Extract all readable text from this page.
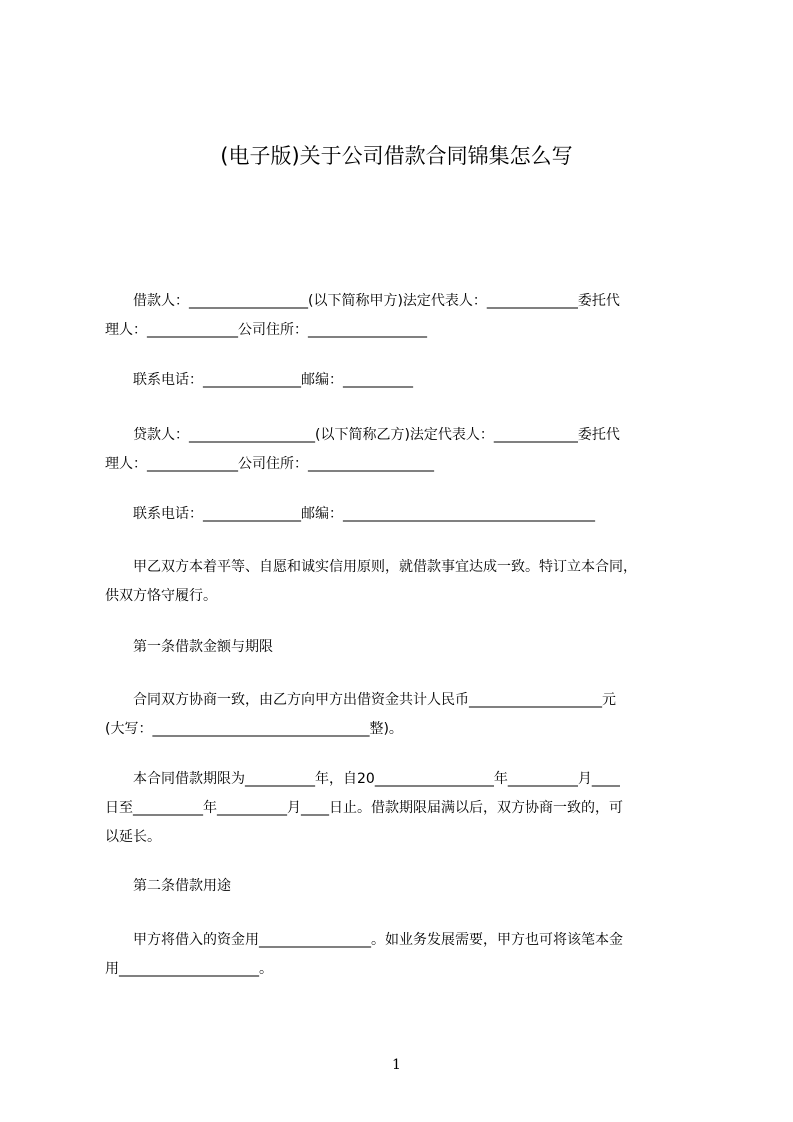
(电子版)关于公司借款合同锦集怎么写
　　借款人：_________________(以下简称甲方)法定代表人：_____________委托代
理人：_____________公司住所：_________________
　　联系电话：______________邮编：__________
　　贷款人：__________________(以下简称乙方)法定代表人：____________委托代
理人：_____________公司住所：__________________
　　联系电话：______________邮编：____________________________________
　　甲乙双方本着平等、自愿和诚实信用原则，就借款事宜达成一致。特订立本合同，
供双方恪守履行。
　　第一条借款金额与期限
　　合同双方协商一致，由乙方向甲方出借资金共计人民币___________________元
(大写：_______________________________整)。
　　本合同借款期限为__________年，自20_________________年__________月____
日至__________年__________月____日止。借款期限届满以后，双方协商一致的，可
以延长。
　　第二条借款用途
　　甲方将借入的资金用________________。如业务发展需要，甲方也可将该笔本金
用____________________。
1
